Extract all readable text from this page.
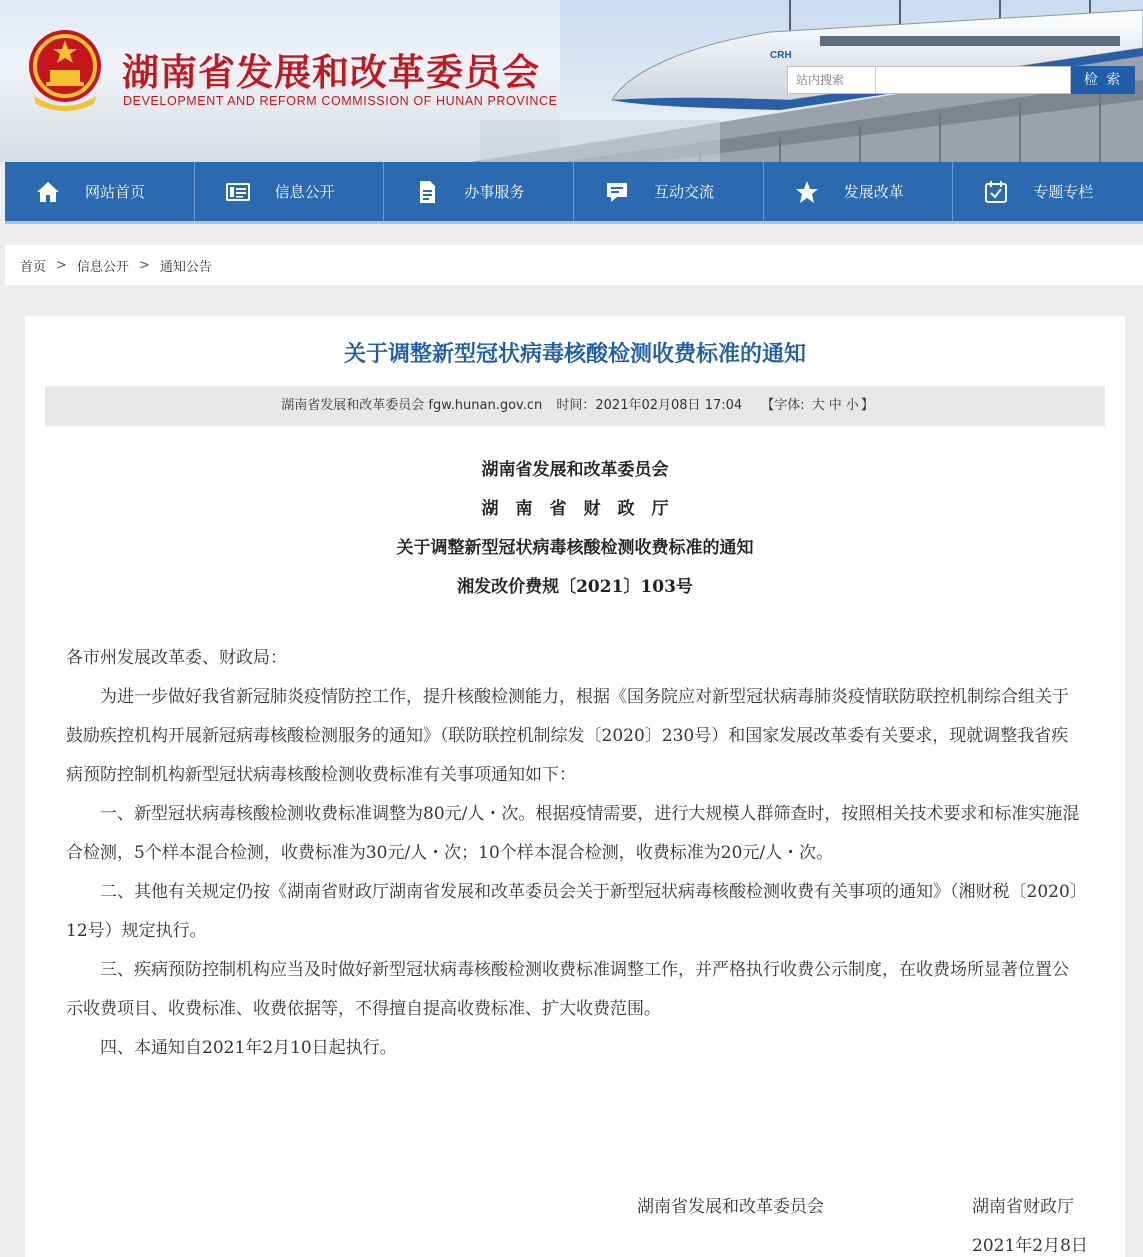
CRH
湖南省发展和改革委员会
DEVELOPMENT AND REFORM COMMISSION OF HUNAN PROVINCE
站内搜索
检 索
网站首页	信息公开	办事服务	互动交流	发展改革	专题专栏
首页 > 信息公开 > 通知公告
关于调整新型冠状病毒核酸检测收费标准的通知
湖南省发展和改革委员会 fgw.hunan.gov.cn 时间：2021年02月08日 17:04 【字体: 大 中 小 】
湖南省发展和改革委员会
湖　南　省　财　政　厅
关于调整新型冠状病毒核酸检测收费标准的通知
湘发改价费规〔2021〕103号
各市州发展改革委、财政局：
为进一步做好我省新冠肺炎疫情防控工作，提升核酸检测能力，根据《国务院应对新型冠状病毒肺炎疫情联防联控机制综合组关于鼓励疾控机构开展新冠病毒核酸检测服务的通知》（联防联控机制综发〔2020〕230号）和国家发展改革委有关要求，现就调整我省疾病预防控制机构新型冠状病毒核酸检测收费标准有关事项通知如下：
一、新型冠状病毒核酸检测收费标准调整为80元/人・次。根据疫情需要，进行大规模人群筛查时，按照相关技术要求和标准实施混合检测，5个样本混合检测，收费标准为30元/人・次；10个样本混合检测，收费标准为20元/人・次。
二、其他有关规定仍按《湖南省财政厅湖南省发展和改革委员会关于新型冠状病毒核酸检测收费有关事项的通知》（湘财税〔2020〕12号）规定执行。
三、疾病预防控制机构应当及时做好新型冠状病毒核酸检测收费标准调整工作，并严格执行收费公示制度，在收费场所显著位置公示收费项目、收费标准、收费依据等，不得擅自提高收费标准、扩大收费范围。
四、本通知自2021年2月10日起执行。
湖南省发展和改革委员会	湖南省财政厅
2021年2月8日
